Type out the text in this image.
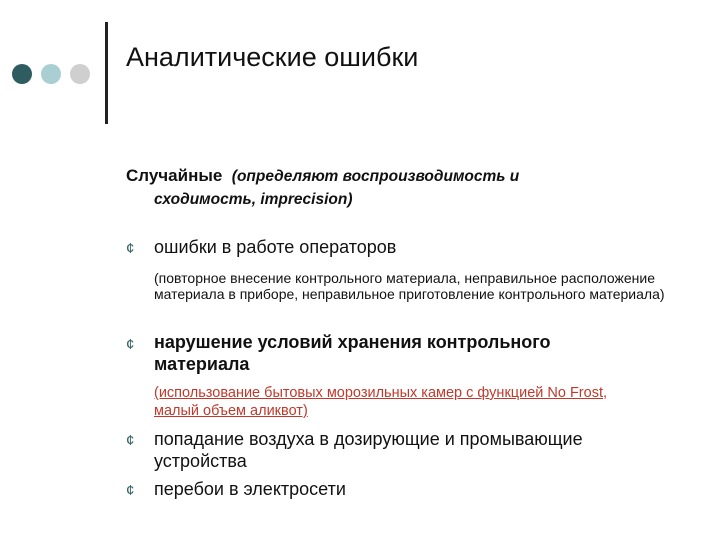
Аналитические ошибки
Случайные (определяют воспроизводимость и
сходимость, imprecision)
¢ ошибки в работе операторов
(повторное внесение контрольного материала, неправильное расположение материала в приборе, неправильное приготовление контрольного материала)
¢ нарушение условий хранения контрольного материала
(использование бытовых морозильных камер с функцией No Frost, малый объем аликвот)
¢ попадание воздуха в дозирующие и промывающие устройства
¢ перебои в электросети
